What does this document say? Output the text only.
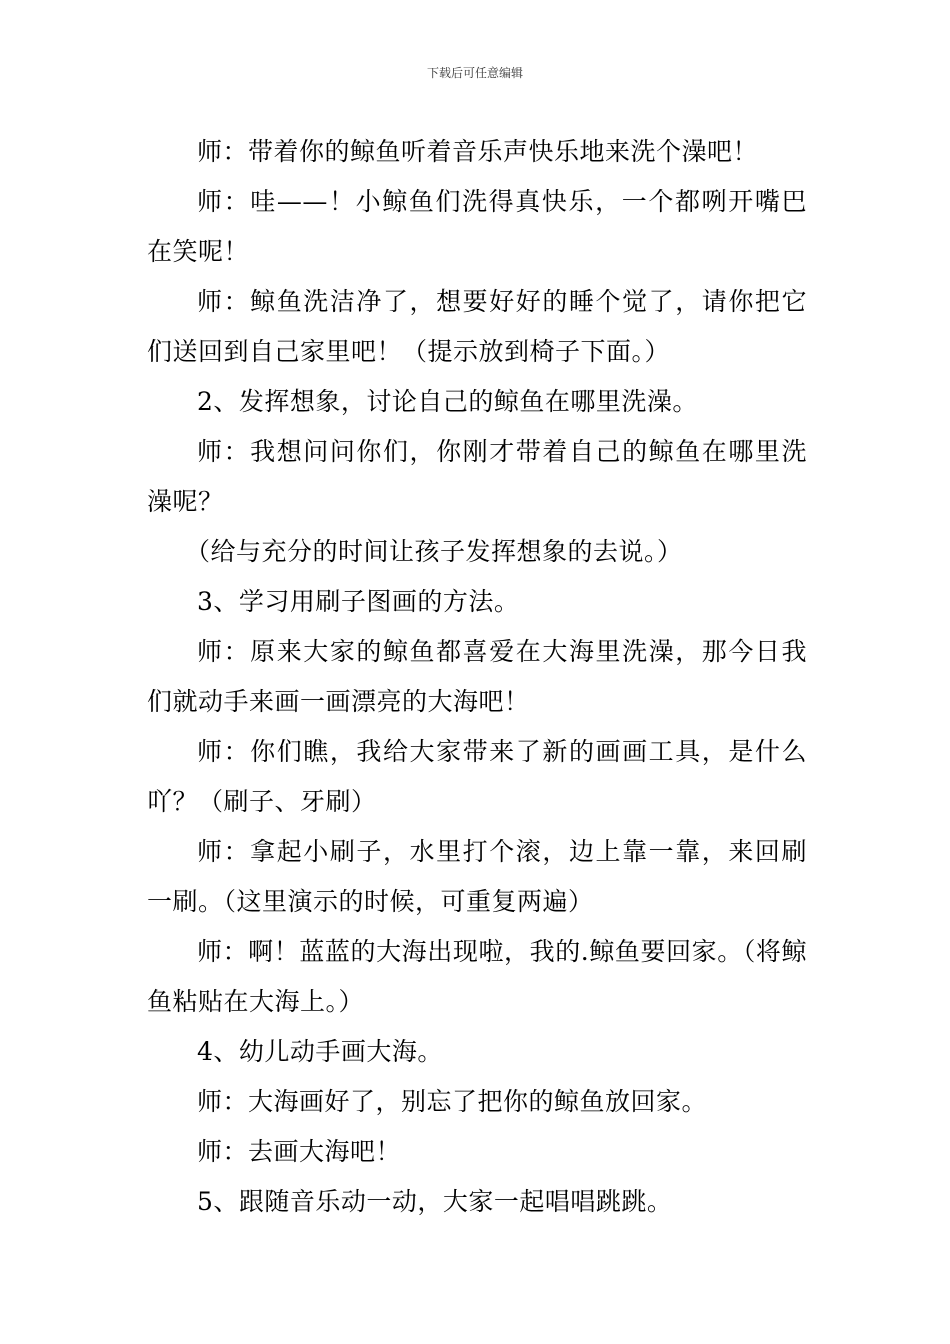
下载后可任意编辑

师：带着你的鲸鱼听着音乐声快乐地来洗个澡吧！

师：哇——！小鲸鱼们洗得真快乐，一个都咧开嘴巴在笑呢！

师：鲸鱼洗洁净了，想要好好的睡个觉了，请你把它们送回到自己家里吧！（提示放到椅子下面。）

2、发挥想象，讨论自己的鲸鱼在哪里洗澡。

师：我想问问你们，你刚才带着自己的鲸鱼在哪里洗澡呢？

（给与充分的时间让孩子发挥想象的去说。）

3、学习用刷子图画的方法。

师：原来大家的鲸鱼都喜爱在大海里洗澡，那今日我们就动手来画一画漂亮的大海吧！

师：你们瞧，我给大家带来了新的画画工具，是什么吖？（刷子、牙刷）

师：拿起小刷子，水里打个滚，边上靠一靠，来回刷一刷。（这里演示的时候，可重复两遍）

师：啊！蓝蓝的大海出现啦，我的.鲸鱼要回家。（将鲸鱼粘贴在大海上。）

4、幼儿动手画大海。

师：大海画好了，别忘了把你的鲸鱼放回家。

师：去画大海吧！

5、跟随音乐动一动，大家一起唱唱跳跳。
